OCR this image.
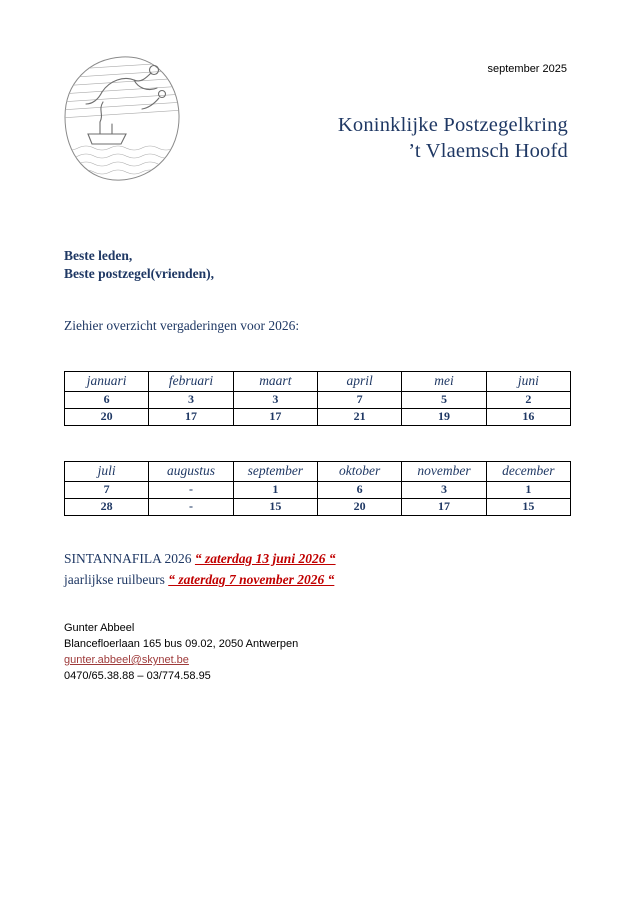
september 2025
Koninklijke Postzegelkring
’t Vlaemsch Hoofd
Beste leden,
Beste postzegel(vrienden),
Ziehier overzicht vergaderingen voor 2026:
januari	februari	maart	april	mei	juni
6	3	3	7	5	2
20	17	17	21	19	16
juli	augustus	september	oktober	november	december
7	-	1	6	3	1
28	-	15	20	17	15
SINTANNAFILA 2026 “ zaterdag 13 juni 2026 “
jaarlijkse ruilbeurs “ zaterdag 7 november 2026 “
Gunter Abbeel
Blancefloerlaan 165 bus 09.02, 2050 Antwerpen
gunter.abbeel@skynet.be
0470/65.38.88 – 03/774.58.95
